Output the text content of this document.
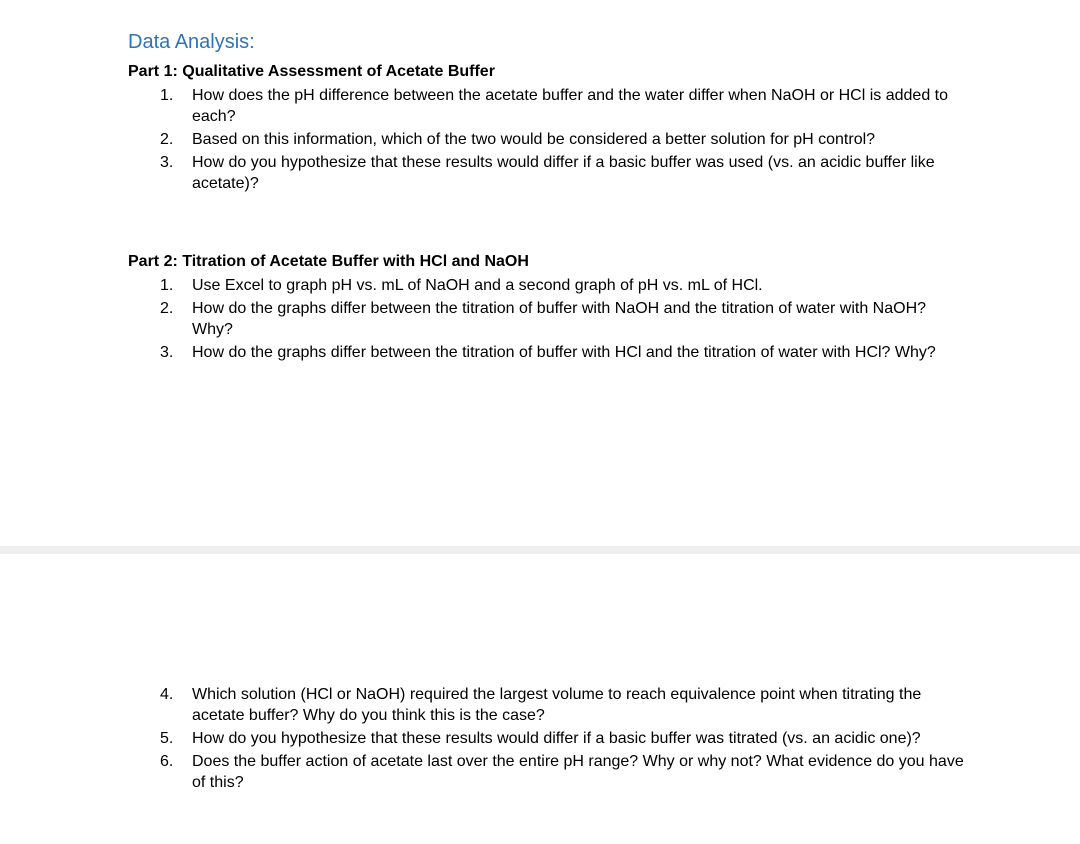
Data Analysis:
Part 1: Qualitative Assessment of Acetate Buffer
1.	How does the pH difference between the acetate buffer and the water differ when NaOH or HCl is added to each?
2.	Based on this information, which of the two would be considered a better solution for pH control?
3.	How do you hypothesize that these results would differ if a basic buffer was used (vs. an acidic buffer like acetate)?
Part 2: Titration of Acetate Buffer with HCl and NaOH
1.	Use Excel to graph pH vs. mL of NaOH and a second graph of pH vs. mL of HCl.
2.	How do the graphs differ between the titration of buffer with NaOH and the titration of water with NaOH? Why?
3.	How do the graphs differ between the titration of buffer with HCl and the titration of water with HCl? Why?
4.	Which solution (HCl or NaOH) required the largest volume to reach equivalence point when titrating the acetate buffer? Why do you think this is the case?
5.	How do you hypothesize that these results would differ if a basic buffer was titrated (vs. an acidic one)?
6.	Does the buffer action of acetate last over the entire pH range? Why or why not? What evidence do you have of this?
